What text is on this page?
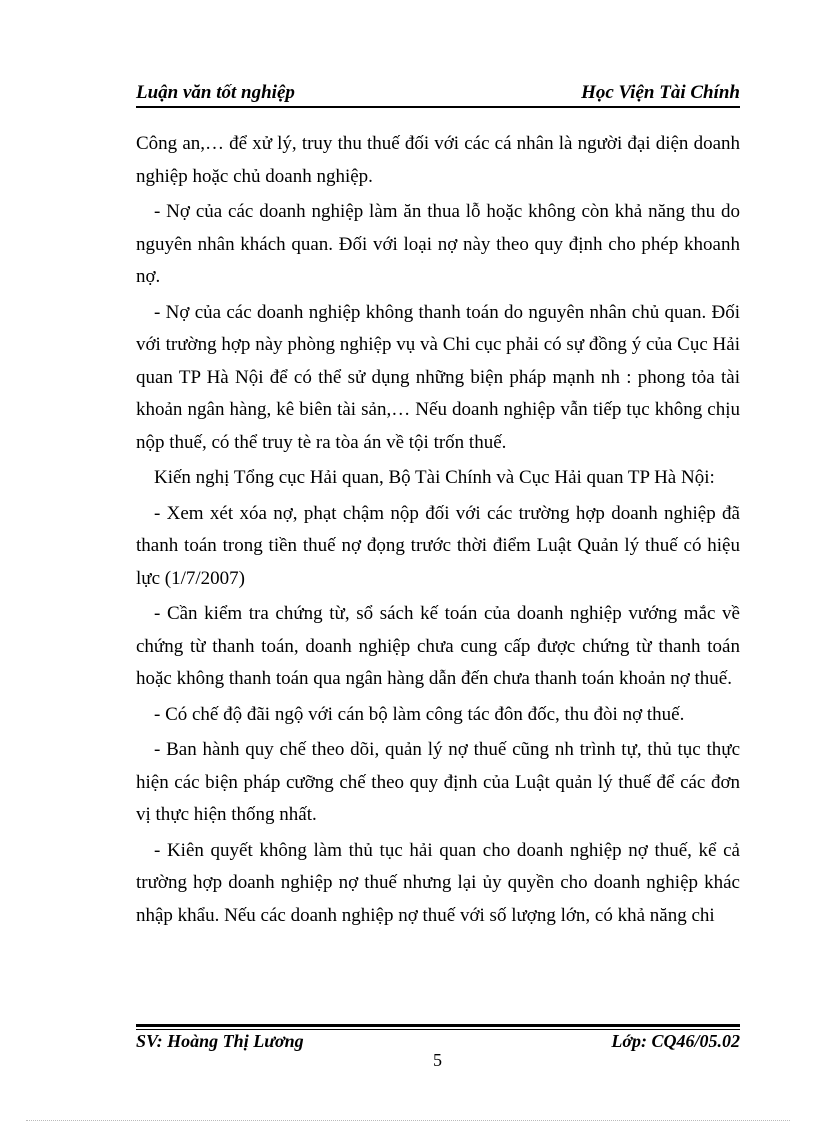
Luận văn tốt nghiệp	Học Viện Tài Chính

Công an,… để xử lý, truy thu thuế đối với các cá nhân là người đại diện doanh nghiệp hoặc chủ doanh nghiệp.

- Nợ của các doanh nghiệp làm ăn thua lỗ hoặc không còn khả năng thu do nguyên nhân khách quan. Đối với loại nợ này theo quy định cho phép khoanh nợ.

- Nợ của các doanh nghiệp không thanh toán do nguyên nhân chủ quan. Đối với trường hợp này phòng nghiệp vụ và Chi cục phải có sự đồng ý của Cục Hải quan TP Hà Nội để có thể sử dụng những biện pháp mạnh nh : phong tỏa tài khoản ngân hàng, kê biên tài sản,… Nếu doanh nghiệp vẫn tiếp tục không chịu nộp thuế, có thể truy tè ra tòa án về tội trốn thuế.

Kiến nghị Tổng cục Hải quan, Bộ Tài Chính và Cục Hải quan TP Hà Nội:

- Xem xét xóa nợ, phạt chậm nộp đối với các trường hợp doanh nghiệp đã thanh toán trong tiền thuế nợ đọng trước thời điểm Luật Quản lý thuế có hiệu lực (1/7/2007)

- Cần kiểm tra chứng từ, sổ sách kế toán của doanh nghiệp vướng mắc về chứng từ thanh toán, doanh nghiệp chưa cung cấp được chứng từ thanh toán hoặc không thanh toán qua ngân hàng dẫn đến chưa thanh toán khoản nợ thuế.

- Có chế độ đãi ngộ với cán bộ làm công tác đôn đốc, thu đòi nợ thuế.

- Ban hành quy chế theo dõi, quản lý nợ thuế cũng nh trình tự, thủ tục thực hiện các biện pháp cưỡng chế theo quy định của Luật quản lý thuế để các đơn vị thực hiện thống nhất.

- Kiên quyết không làm thủ tục hải quan cho doanh nghiệp nợ thuế, kể cả trường hợp doanh nghiệp nợ thuế nhưng lại ủy quyền cho doanh nghiệp khác nhập khẩu. Nếu các doanh nghiệp nợ thuế với số lượng lớn, có khả năng chi

SV: Hoàng Thị Lương	Lớp: CQ46/05.02
5
